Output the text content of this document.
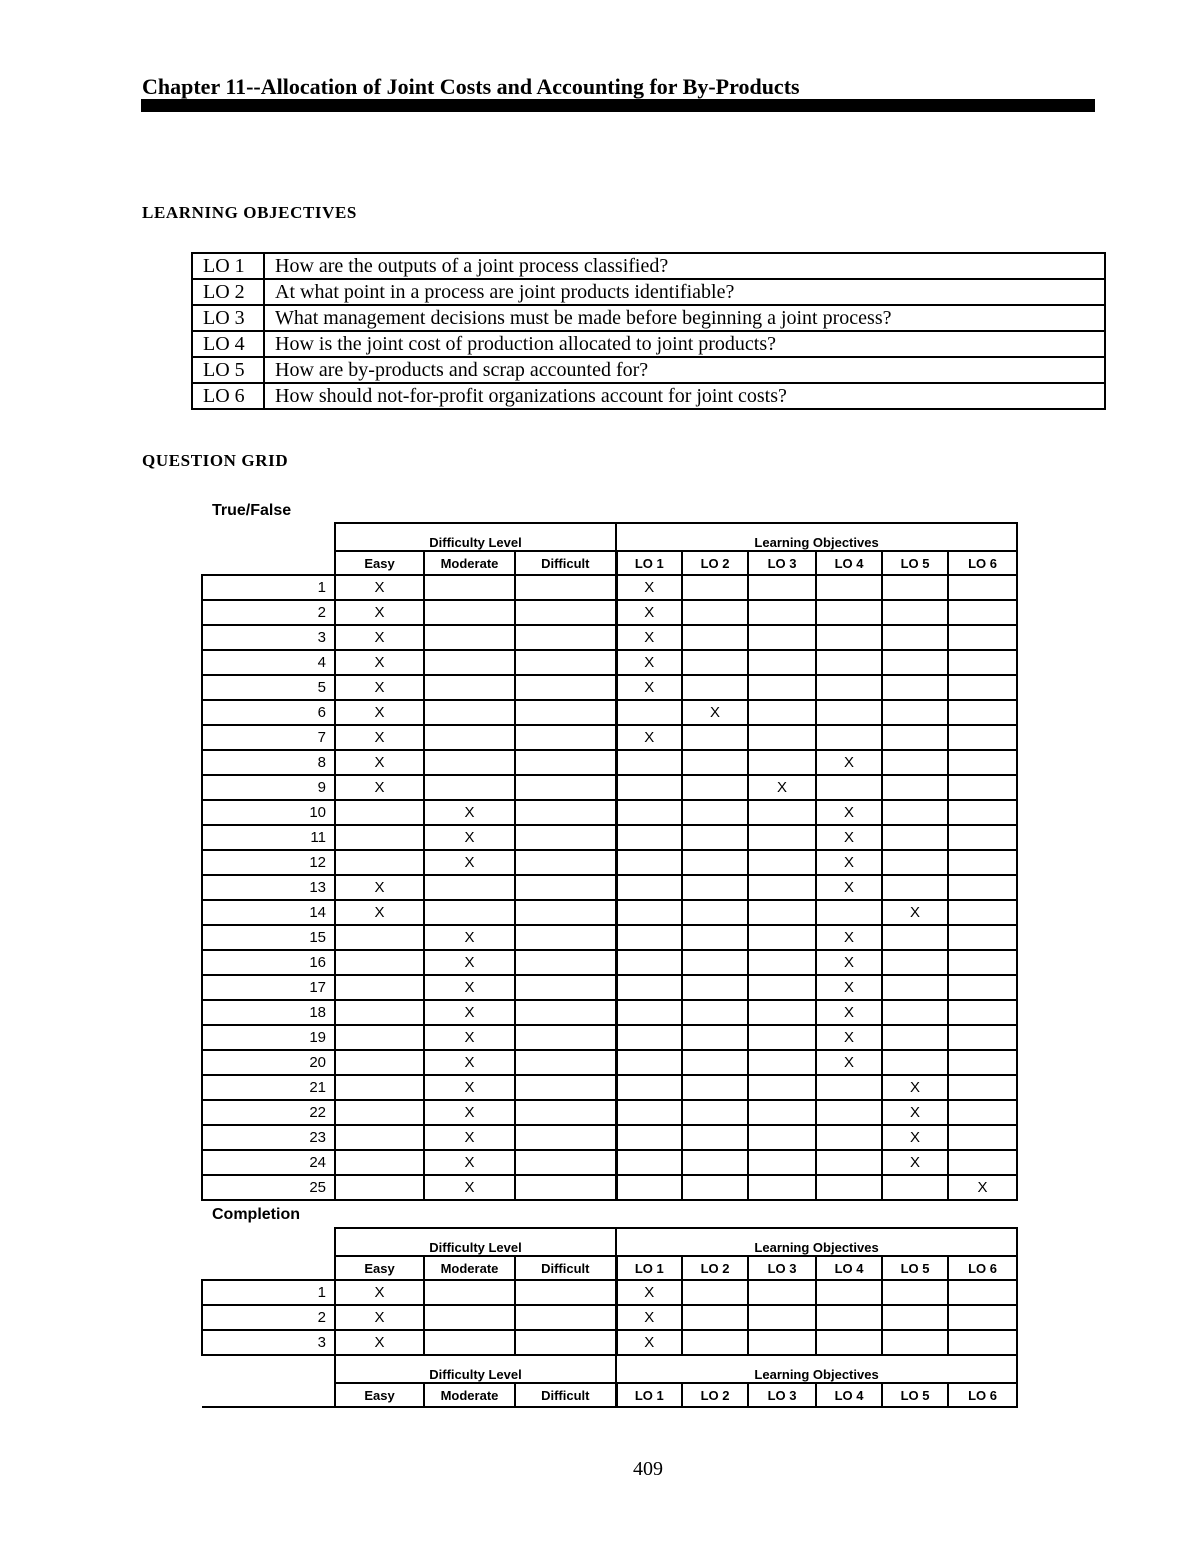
Chapter 11--Allocation of Joint Costs and Accounting for By-Products
LEARNING OBJECTIVES
LO 1	How are the outputs of a joint process classified?
LO 2	At what point in a process are joint products identifiable?
LO 3	What management decisions must be made before beginning a joint process?
LO 4	How is the joint cost of production allocated to joint products?
LO 5	How are by-products and scrap accounted for?
LO 6	How should not-for-profit organizations account for joint costs?
QUESTION GRID
True/False
	Difficulty Level			Learning Objectives					
	Easy	Moderate	Difficult	LO 1	LO 2	LO 3	LO 4	LO 5	LO 6
1	X			X					
2	X			X					
3	X			X					
4	X			X					
5	X			X					
6	X				X				
7	X			X					
8	X						X		
9	X					X			
10		X					X		
11		X					X		
12		X					X		
13	X						X		
14	X							X	
15		X					X		
16		X					X		
17		X					X		
18		X					X		
19		X					X		
20		X					X		
21		X						X	
22		X						X	
23		X						X	
24		X						X	
25		X							X
Completion
	Difficulty Level			Learning Objectives					
	Easy	Moderate	Difficult	LO 1	LO 2	LO 3	LO 4	LO 5	LO 6
1	X			X					
2	X			X					
3	X			X					
	Difficulty Level			Learning Objectives					
	Easy	Moderate	Difficult	LO 1	LO 2	LO 3	LO 4	LO 5	LO 6

409
